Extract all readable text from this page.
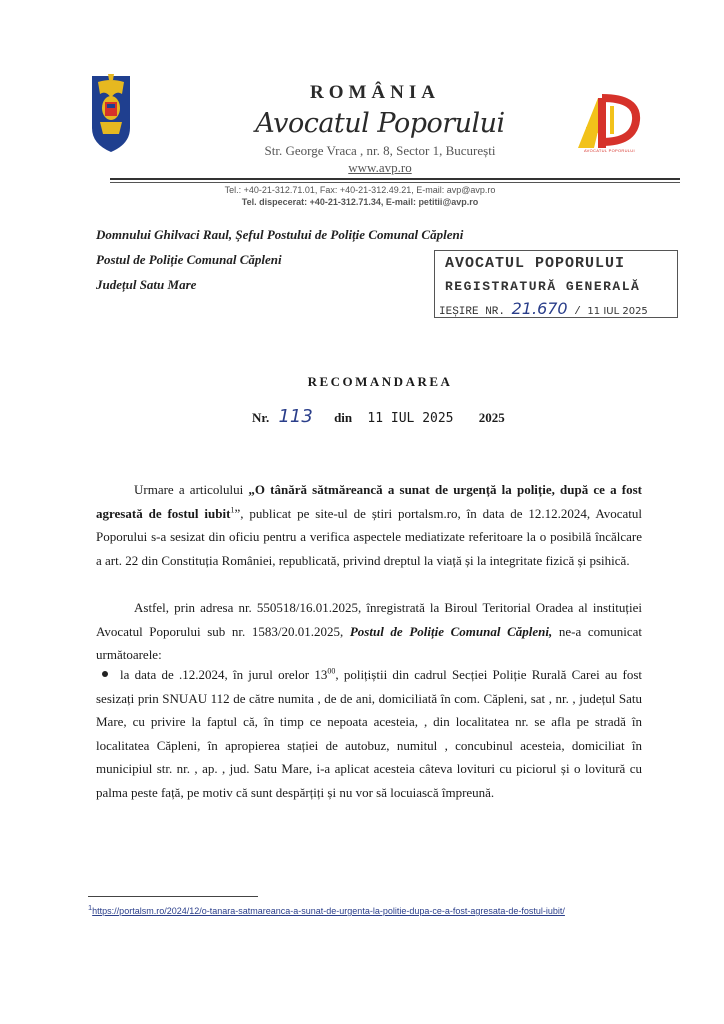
AVOCATUL POPORULUI
ROMÂNIA
Avocatul Poporului
Str. George Vraca , nr. 8, Sector 1, București
www.avp.ro
Tel.: +40-21-312.71.01, Fax: +40-21-312.49.21, E-mail: avp@avp.ro
Tel. dispecerat: +40-21-312.71.34, E-mail: petitii@avp.ro
Domnului Ghilvaci Raul, Șeful Postului de Poliție Comunal Căpleni
Postul de Poliție Comunal Căpleni
Județul Satu Mare
AVOCATUL POPORULUI
REGISTRATURĂ GENERALĂ
IEȘIRE NR. 21.670 / 11 IUL 2025
RECOMANDAREA
Nr. 113 din 11 IUL 2025 2025
Urmare a articolului „O tânără sătmăreancă a sunat de urgență la poliție, după ce a fost agresată de fostul iubit$^1$”, publicat pe site-ul de știri portalsm.ro, în data de 12.12.2024, Avocatul Poporului s-a sesizat din oficiu pentru a verifica aspectele mediatizate referitoare la o posibilă încălcare a art. 22 din Constituția României, republicată, privind dreptul la viață și la integritate fizică și psihică.
Astfel, prin adresa nr. 550518/16.01.2025, înregistrată la Biroul Teritorial Oradea al instituției Avocatul Poporului sub nr. 1583/20.01.2025, Postul de Poliție Comunal Căpleni, ne-a comunicat următoarele:
la data de .12.2024, în jurul orelor $13^{00}$, polițiștii din cadrul Secției Poliție Rurală Carei au fost sesizați prin SNUAU 112 de către numita , de de ani, domiciliată în com. Căpleni, sat , nr. , județul Satu Mare, cu privire la faptul că, în timp ce nepoata acesteia, , din localitatea nr. se afla pe stradă în localitatea Căpleni, în apropierea stației de autobuz, numitul , concubinul acesteia, domiciliat în municipiul str. nr. , ap. , jud. Satu Mare, i-a aplicat acesteia câteva lovituri cu piciorul și o lovitură cu palma peste față, pe motiv că sunt despărțiți și nu vor să locuiască împreună.
$^1$https://portalsm.ro/2024/12/o-tanara-satmareanca-a-sunat-de-urgenta-la-politie-dupa-ce-a-fost-agresata-de-fostul-iubit/
